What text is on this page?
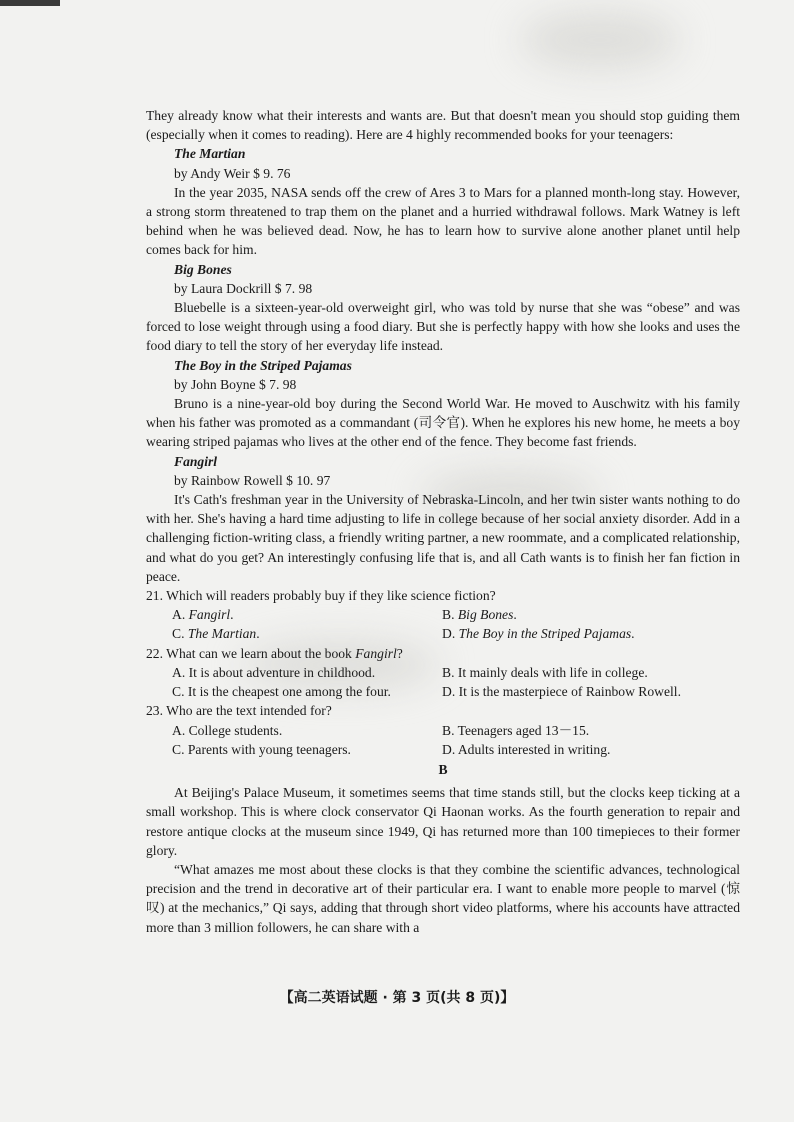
They already know what their interests and wants are. But that doesn't mean you should stop guiding them (especially when it comes to reading). Here are 4 highly recommended books for your teenagers:

The Martian

by Andy Weir $ 9. 76

In the year 2035, NASA sends off the crew of Ares 3 to Mars for a planned month-long stay. However, a strong storm threatened to trap them on the planet and a hurried withdrawal follows. Mark Watney is left behind when he was believed dead. Now, he has to learn how to survive alone another planet until help comes back for him.

Big Bones

by Laura Dockrill $ 7. 98

Bluebelle is a sixteen-year-old overweight girl, who was told by nurse that she was “obese” and was forced to lose weight through using a food diary. But she is perfectly happy with how she looks and uses the food diary to tell the story of her everyday life instead.

The Boy in the Striped Pajamas

by John Boyne $ 7. 98

Bruno is a nine-year-old boy during the Second World War. He moved to Auschwitz with his family when his father was promoted as a commandant (司令官). When he explores his new home, he meets a boy wearing striped pajamas who lives at the other end of the fence. They become fast friends.

Fangirl

by Rainbow Rowell $ 10. 97

It's Cath's freshman year in the University of Nebraska-Lincoln, and her twin sister wants nothing to do with her. She's having a hard time adjusting to life in college because of her social anxiety disorder. Add in a challenging fiction-writing class, a friendly writing partner, a new roommate, and a complicated relationship, and what do you get? An interestingly confusing life that is, and all Cath wants is to finish her fan fiction in peace.

21. Which will readers probably buy if they like science fiction?

A. Fangirl.	B. Big Bones.
C. The Martian.	D. The Boy in the Striped Pajamas.

22. What can we learn about the book Fangirl?

A. It is about adventure in childhood.	B. It mainly deals with life in college.
C. It is the cheapest one among the four.	D. It is the masterpiece of Rainbow Rowell.

23. Who are the text intended for?

A. College students.	B. Teenagers aged 13－15.
C. Parents with young teenagers.	D. Adults interested in writing.

B

At Beijing's Palace Museum, it sometimes seems that time stands still, but the clocks keep ticking at a small workshop. This is where clock conservator Qi Haonan works. As the fourth generation to repair and restore antique clocks at the museum since 1949, Qi has returned more than 100 timepieces to their former glory.

“What amazes me most about these clocks is that they combine the scientific advances, technological precision and the trend in decorative art of their particular era. I want to enable more people to marvel (惊叹) at the mechanics,” Qi says, adding that through short video platforms, where his accounts have attracted more than 3 million followers, he can share with a

【高二英语试题 · 第 3 页(共 8 页)】
